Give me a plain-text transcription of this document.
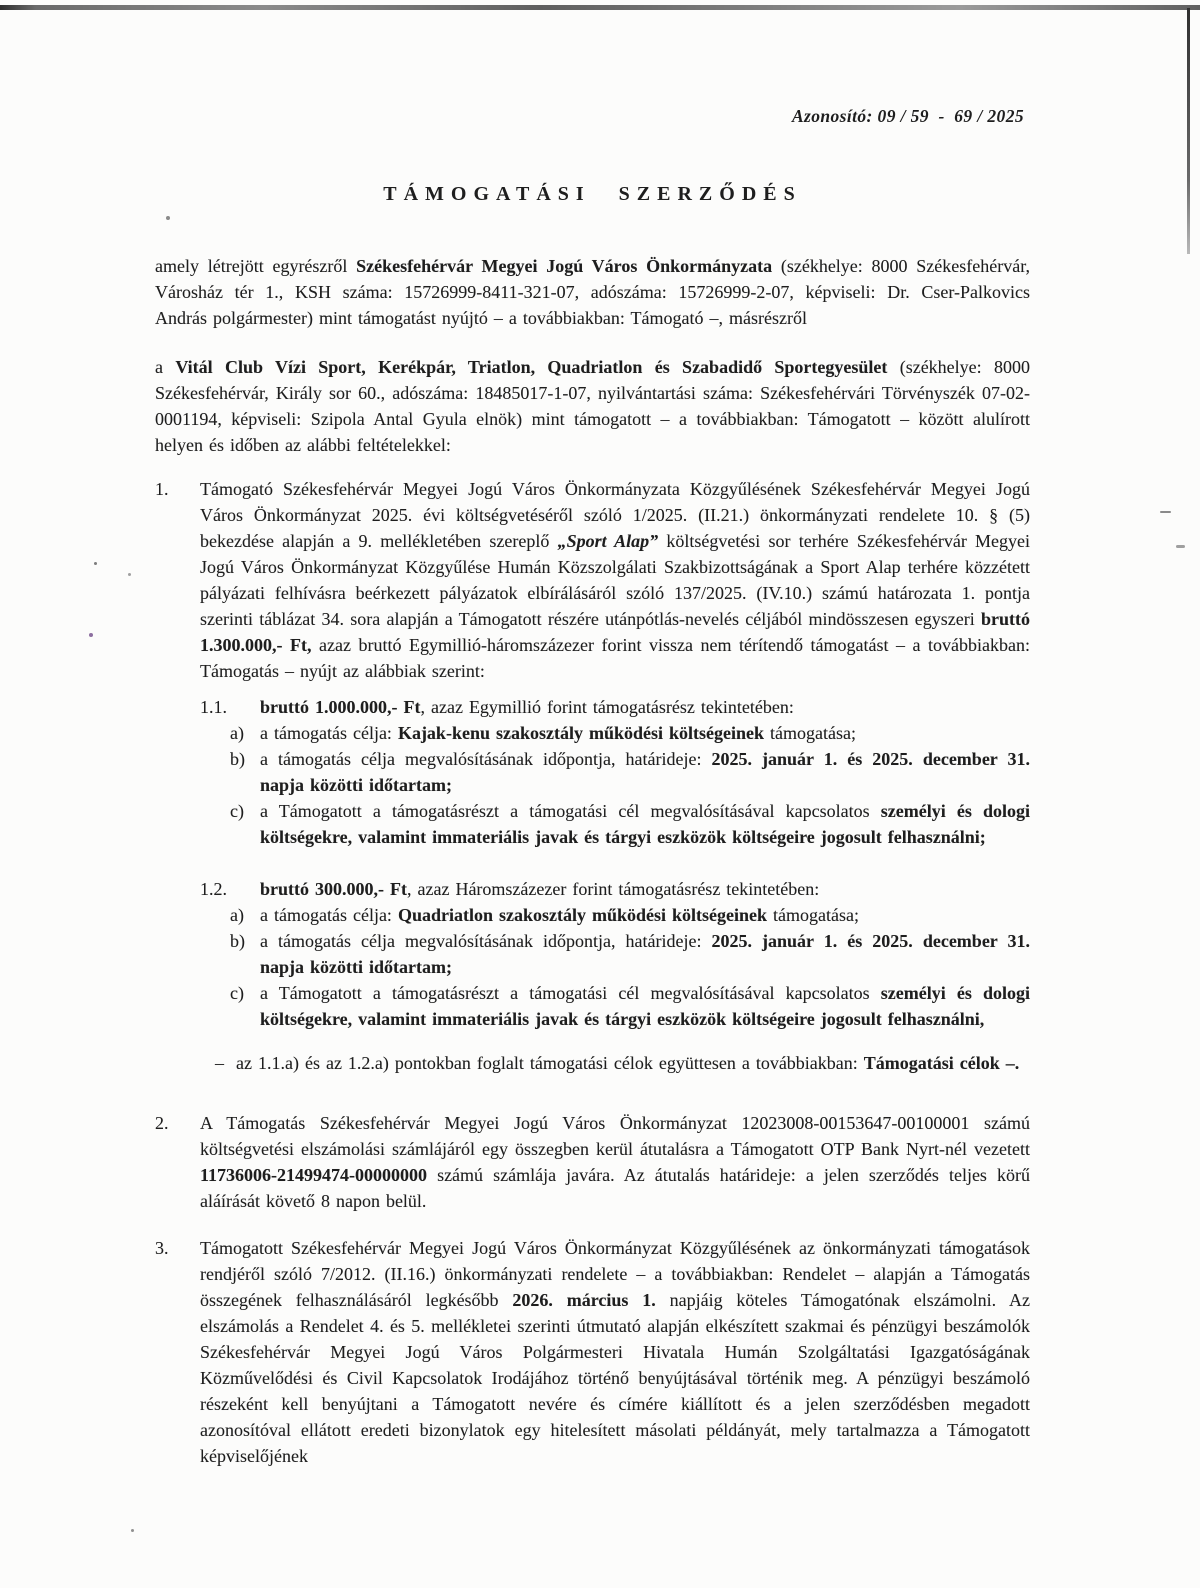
Azonosító: 09 / 59  -  69 / 2025
TÁMOGATÁSI SZERZŐDÉS

amely létrejött egyrészről Székesfehérvár Megyei Jogú Város Önkormányzata (székhelye: 8000 Székesfehérvár, Városház tér 1., KSH száma: 15726999-8411-321-07, adószáma: 15726999-2-07, képviseli: Dr. Cser-Palkovics András polgármester) mint támogatást nyújtó – a továbbiakban: Támogató –, másrészről

a Vitál Club Vízi Sport, Kerékpár, Triatlon, Quadriatlon és Szabadidő Sportegyesület (székhelye: 8000 Székesfehérvár, Király sor 60., adószáma: 18485017-1-07, nyilvántartási száma: Székesfehérvári Törvényszék 07-02-0001194, képviseli: Szipola Antal Gyula elnök) mint támogatott – a továbbiakban: Támogatott – között alulírott helyen és időben az alábbi feltételekkel:

1.	Támogató Székesfehérvár Megyei Jogú Város Önkormányzata Közgyűlésének Székesfehérvár Megyei Jogú Város Önkormányzat 2025. évi költségvetéséről szóló 1/2025. (II.21.) önkormányzati rendelete 10. § (5) bekezdése alapján a 9. mellékletében szereplő „Sport Alap” költségvetési sor terhére Székesfehérvár Megyei Jogú Város Önkormányzat Közgyűlése Humán Közszolgálati Szakbizottságának a Sport Alap terhére közzétett pályázati felhívásra beérkezett pályázatok elbírálásáról szóló 137/2025. (IV.10.) számú határozata 1. pontja szerinti táblázat 34. sora alapján a Támogatott részére utánpótlás-nevelés céljából mindösszesen egyszeri bruttó 1.300.000,- Ft, azaz bruttó Egymillió-háromszázezer forint vissza nem térítendő támogatást – a továbbiakban: Támogatás – nyújt az alábbiak szerint:

1.1.	bruttó 1.000.000,- Ft, azaz Egymillió forint támogatásrész tekintetében:

a) a támogatás célja: Kajak-kenu szakosztály működési költségeinek támogatása;

b) a támogatás célja megvalósításának időpontja, határideje: 2025. január 1. és 2025. december 31. napja közötti időtartam;

c) a Támogatott a támogatásrészt a támogatási cél megvalósításával kapcsolatos személyi és dologi költségekre, valamint immateriális javak és tárgyi eszközök költségeire jogosult felhasználni;

1.2.	bruttó 300.000,- Ft, azaz Háromszázezer forint támogatásrész tekintetében:

a) a támogatás célja: Quadriatlon szakosztály működési költségeinek támogatása;

b) a támogatás célja megvalósításának időpontja, határideje: 2025. január 1. és 2025. december 31. napja közötti időtartam;

c) a Támogatott a támogatásrészt a támogatási cél megvalósításával kapcsolatos személyi és dologi költségekre, valamint immateriális javak és tárgyi eszközök költségeire jogosult felhasználni,

–  az 1.1.a) és az 1.2.a) pontokban foglalt támogatási célok együttesen a továbbiakban: Támogatási célok –.

2.	A Támogatás Székesfehérvár Megyei Jogú Város Önkormányzat 12023008-00153647-00100001 számú költségvetési elszámolási számlájáról egy összegben kerül átutalásra a Támogatott OTP Bank Nyrt-nél vezetett 11736006-21499474-00000000 számú számlája javára. Az átutalás határideje: a jelen szerződés teljes körű aláírását követő 8 napon belül.

3.	Támogatott Székesfehérvár Megyei Jogú Város Önkormányzat Közgyűlésének az önkormányzati támogatások rendjéről szóló 7/2012. (II.16.) önkormányzati rendelete – a továbbiakban: Rendelet – alapján a Támogatás összegének felhasználásáról legkésőbb 2026. március 1. napjáig köteles Támogatónak elszámolni. Az elszámolás a Rendelet 4. és 5. mellékletei szerinti útmutató alapján elkészített szakmai és pénzügyi beszámolók Székesfehérvár Megyei Jogú Város Polgármesteri Hivatala Humán Szolgáltatási Igazgatóságának Közművelődési és Civil Kapcsolatok Irodájához történő benyújtásával történik meg. A pénzügyi beszámoló részeként kell benyújtani a Támogatott nevére és címére kiállított és a jelen szerződésben megadott azonosítóval ellátott eredeti bizonylatok egy hitelesített másolati példányát, mely tartalmazza a Támogatott képviselőjének
